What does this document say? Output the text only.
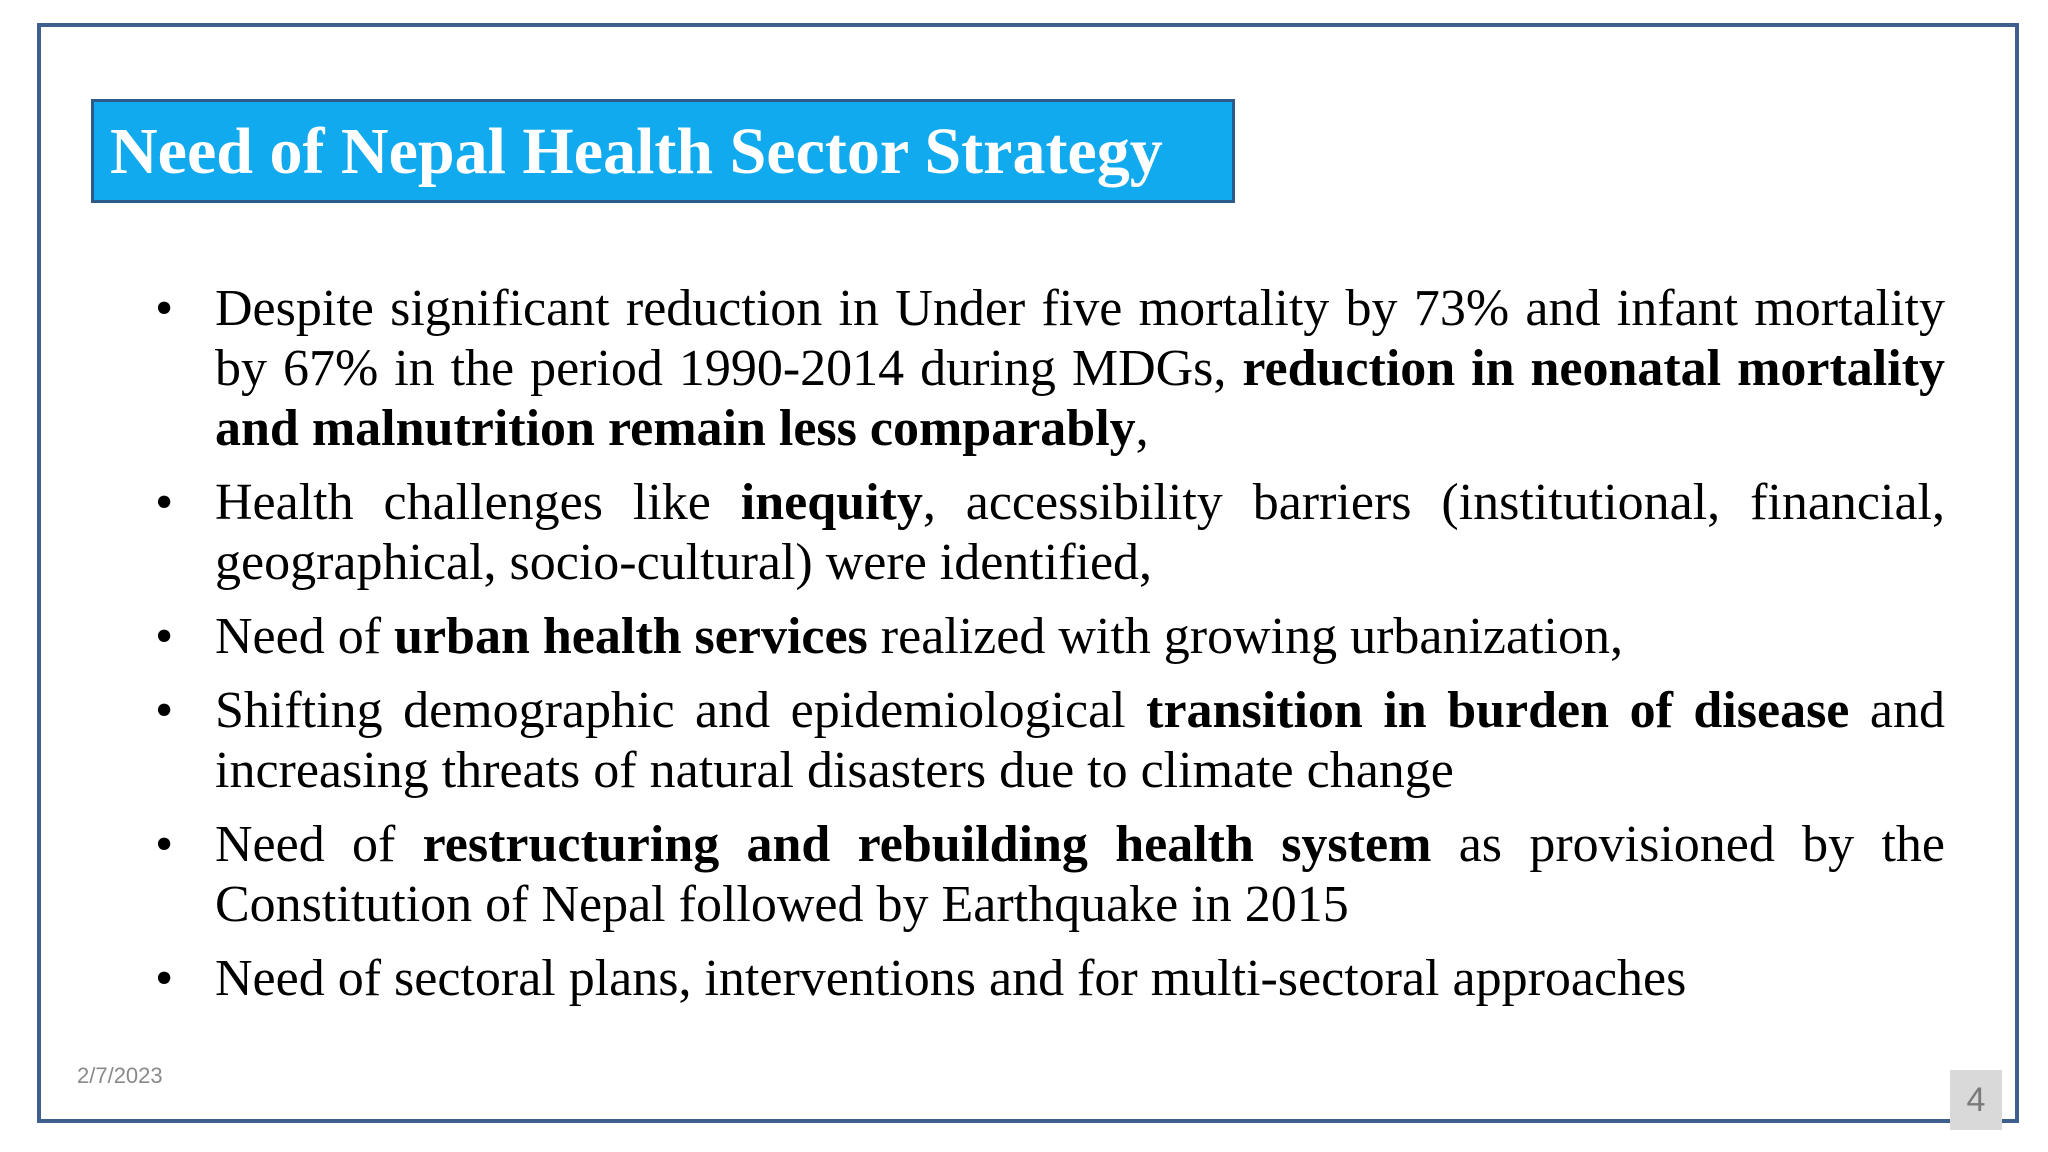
Need of Nepal Health Sector Strategy
• Despite significant reduction in Under five mortality by 73% and infant mortality by 67% in the period 1990-2014 during MDGs, reduction in neonatal mortality and malnutrition remain less comparably,
• Health challenges like inequity, accessibility barriers (institutional, financial, geographical, socio-cultural) were identified,
• Need of urban health services realized with growing urbanization,
• Shifting demographic and epidemiological transition in burden of disease and increasing threats of natural disasters due to climate change
• Need of restructuring and rebuilding health system as provisioned by the Constitution of Nepal followed by Earthquake in 2015
• Need of sectoral plans, interventions and for multi-sectoral approaches
4
2/7/2023
